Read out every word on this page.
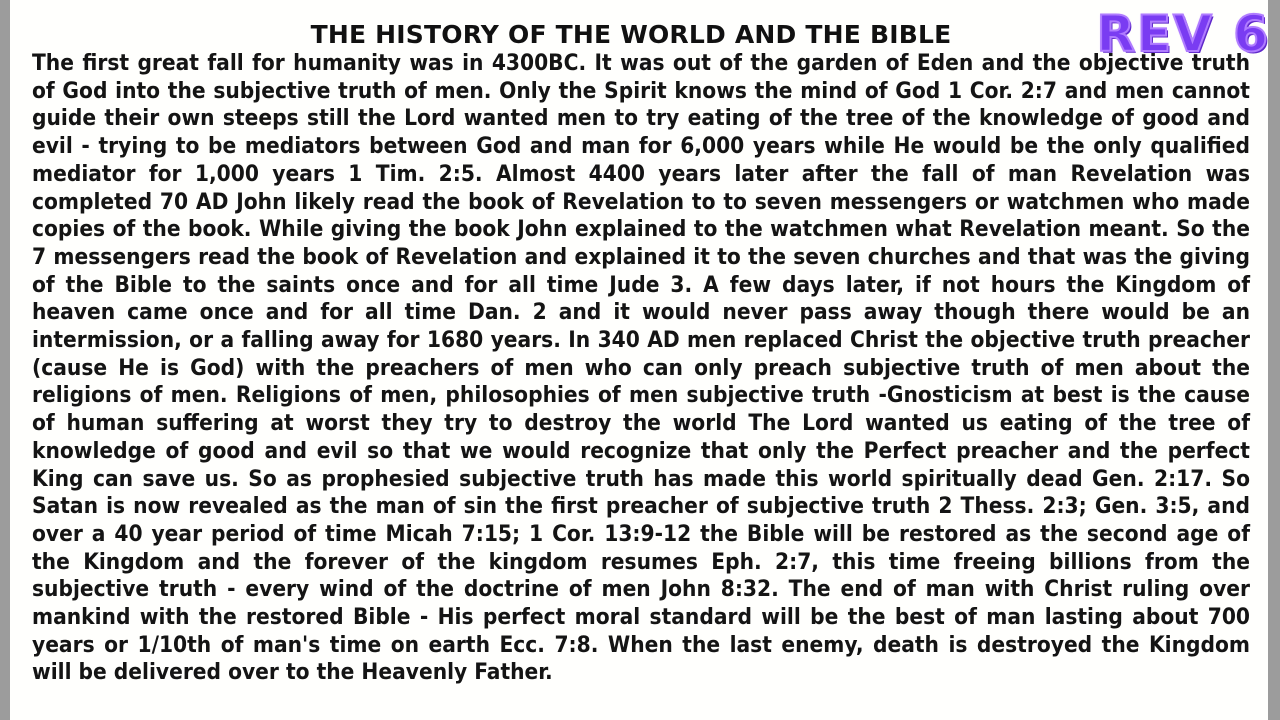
THE HISTORY OF THE WORLD AND THE BIBLE

The first great fall for humanity was in 4300BC. It was out of the garden of Eden and the objective truth of God into the subjective truth of men. Only the Spirit knows the mind of God 1 Cor. 2:7 and men cannot guide their own steeps still the Lord wanted men to try eating of the tree of the knowledge of good and evil - trying to be mediators between God and man for 6,000 years while He would be the only qualified mediator for 1,000 years 1 Tim. 2:5. Almost 4400 years later after the fall of man Revelation was completed 70 AD John likely read the book of Revelation to to seven messengers or watchmen who made copies of the book. While giving the book John explained to the watchmen what Revelation meant. So the 7 messengers read the book of Revelation and explained it to the seven churches and that was the giving of the Bible to the saints once and for all time Jude 3. A few days later, if not hours the Kingdom of heaven came once and for all time Dan. 2 and it would never pass away though there would be an intermission, or a falling away for 1680 years. In 340 AD men replaced Christ the objective truth preacher (cause He is God) with the preachers of men who can only preach subjective truth of men about the religions of men. Religions of men, philosophies of men subjective truth -Gnosticism at best is the cause of human suffering at worst they try to destroy the world The Lord wanted us eating of the tree of knowledge of good and evil so that we would recognize that only the Perfect preacher and the perfect King can save us. So as prophesied subjective truth has made this world spiritually dead Gen. 2:17. So Satan is now revealed as the man of sin the first preacher of subjective truth 2 Thess. 2:3; Gen. 3:5, and over a 40 year period of time Micah 7:15; 1 Cor. 13:9-12 the Bible will be restored as the second age of the Kingdom and the forever of the kingdom resumes Eph. 2:7, this time freeing billions from the subjective truth - every wind of the doctrine of men John 8:32. The end of man with Christ ruling over mankind with the restored Bible - His perfect moral standard will be the best of man lasting about 700 years or 1/10th of man's time on earth Ecc. 7:8. When the last enemy, death is destroyed the Kingdom will be delivered over to the Heavenly Father.

REV 6
